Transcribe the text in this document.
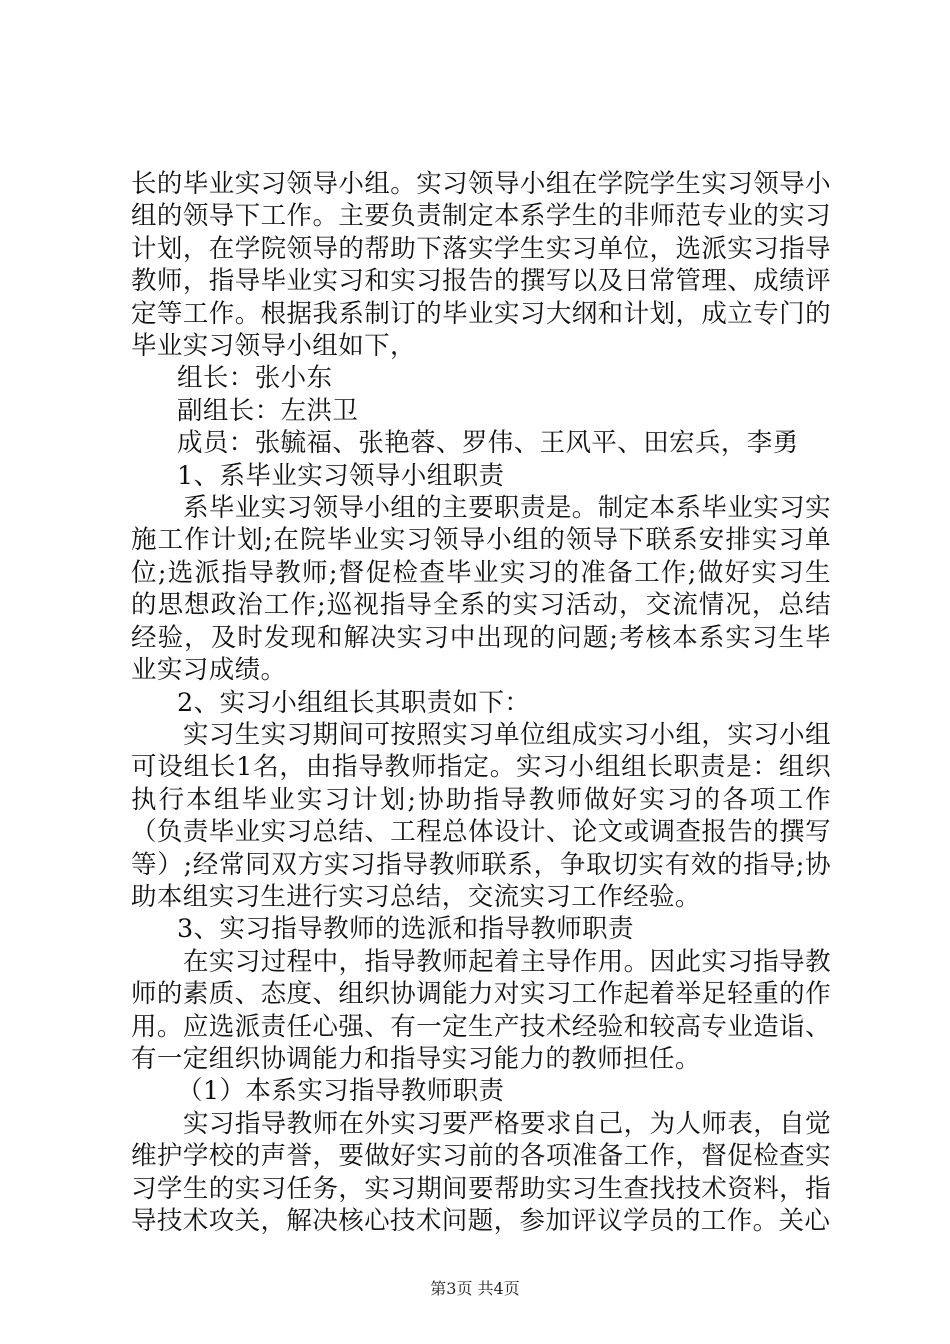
长的毕业实习领导小组。实习领导小组在学院学生实习领导小组的领导下工作。主要负责制定本系学生的非师范专业的实习计划，在学院领导的帮助下落实学生实习单位，选派实习指导教师，指导毕业实习和实习报告的撰写以及日常管理、成绩评定等工作。根据我系制订的毕业实习大纲和计划，成立专门的毕业实习领导小组如下，

组长：张小东

副组长：左洪卫

成员：张毓福、张艳蓉、罗伟、王风平、田宏兵，李勇

1、系毕业实习领导小组职责

系毕业实习领导小组的主要职责是。制定本系毕业实习实施工作计划;在院毕业实习领导小组的领导下联系安排实习单位;选派指导教师;督促检查毕业实习的准备工作;做好实习生的思想政治工作;巡视指导全系的实习活动，交流情况，总结经验，及时发现和解决实习中出现的问题;考核本系实习生毕业实习成绩。

2、实习小组组长其职责如下：

实习生实习期间可按照实习单位组成实习小组，实习小组可设组长1名，由指导教师指定。实习小组组长职责是：组织执行本组毕业实习计划;协助指导教师做好实习的各项工作（负责毕业实习总结、工程总体设计、论文或调查报告的撰写等）;经常同双方实习指导教师联系，争取切实有效的指导;协助本组实习生进行实习总结，交流实习工作经验。

3、实习指导教师的选派和指导教师职责

在实习过程中，指导教师起着主导作用。因此实习指导教师的素质、态度、组织协调能力对实习工作起着举足轻重的作用。应选派责任心强、有一定生产技术经验和较高专业造诣、有一定组织协调能力和指导实习能力的教师担任。

（1）本系实习指导教师职责

实习指导教师在外实习要严格要求自己，为人师表，自觉维护学校的声誉，要做好实习前的各项准备工作，督促检查实习学生的实习任务，实习期间要帮助实习生查找技术资料，指导技术攻关，解决核心技术问题，参加评议学员的工作。关心

第3页 共4页
